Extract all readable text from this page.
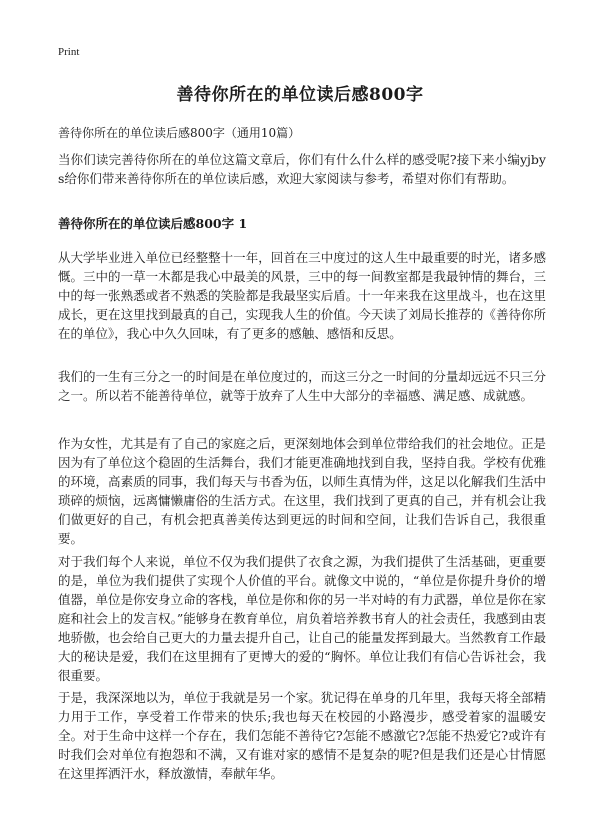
Print
善待你所在的单位读后感800字
善待你所在的单位读后感800字（通用10篇）
当你们读完善待你所在的单位这篇文章后，你们有什么什么样的感受呢?接下来小编yjbys给你们带来善待你所在的单位读后感，欢迎大家阅读与参考，希望对你们有帮助。
善待你所在的单位读后感800字 1
从大学毕业进入单位已经整整十一年，回首在三中度过的这人生中最重要的时光，诸多感慨。三中的一草一木都是我心中最美的风景，三中的每一间教室都是我最钟情的舞台，三中的每一张熟悉或者不熟悉的笑脸都是我最坚实后盾。十一年来我在这里战斗，也在这里成长，更在这里找到最真的自己，实现我人生的价值。今天读了刘局长推荐的《善待你所在的单位》，我心中久久回味，有了更多的感触、感悟和反思。
我们的一生有三分之一的时间是在单位度过的，而这三分之一时间的分量却远远不只三分之一。所以若不能善待单位，就等于放弃了人生中大部分的幸福感、满足感、成就感。
作为女性，尤其是有了自己的家庭之后，更深刻地体会到单位带给我们的社会地位。正是因为有了单位这个稳固的生活舞台，我们才能更准确地找到自我，坚持自我。学校有优雅的环境，高素质的同事，我们每天与书香为伍，以师生真情为伴，这足以化解我们生活中琐碎的烦恼，远离慵懒庸俗的生活方式。在这里，我们找到了更真的自己，并有机会让我们做更好的自己，有机会把真善美传达到更远的时间和空间，让我们告诉自己，我很重要。
对于我们每个人来说，单位不仅为我们提供了衣食之源，为我们提供了生活基础，更重要的是，单位为我们提供了实现个人价值的平台。就像文中说的，“单位是你提升身价的增值器，单位是你安身立命的客栈，单位是你和你的另一半对峙的有力武器，单位是你在家庭和社会上的发言权。”能够身在教育单位，肩负着培养教书育人的社会责任，我感到由衷地骄傲，也会给自己更大的力量去提升自己，让自己的能量发挥到最大。当然教育工作最大的秘诀是爱，我们在这里拥有了更博大的爱的“胸怀。单位让我们有信心告诉社会，我很重要。
于是，我深深地以为，单位于我就是另一个家。犹记得在单身的几年里，我每天将全部精力用于工作，享受着工作带来的快乐;我也每天在校园的小路漫步，感受着家的温暖安全。对于生命中这样一个存在，我们怎能不善待它?怎能不感激它?怎能不热爱它?或许有时我们会对单位有抱怨和不满，又有谁对家的感情不是复杂的呢?但是我们还是心甘情愿在这里挥洒汗水，释放激情，奉献年华。
